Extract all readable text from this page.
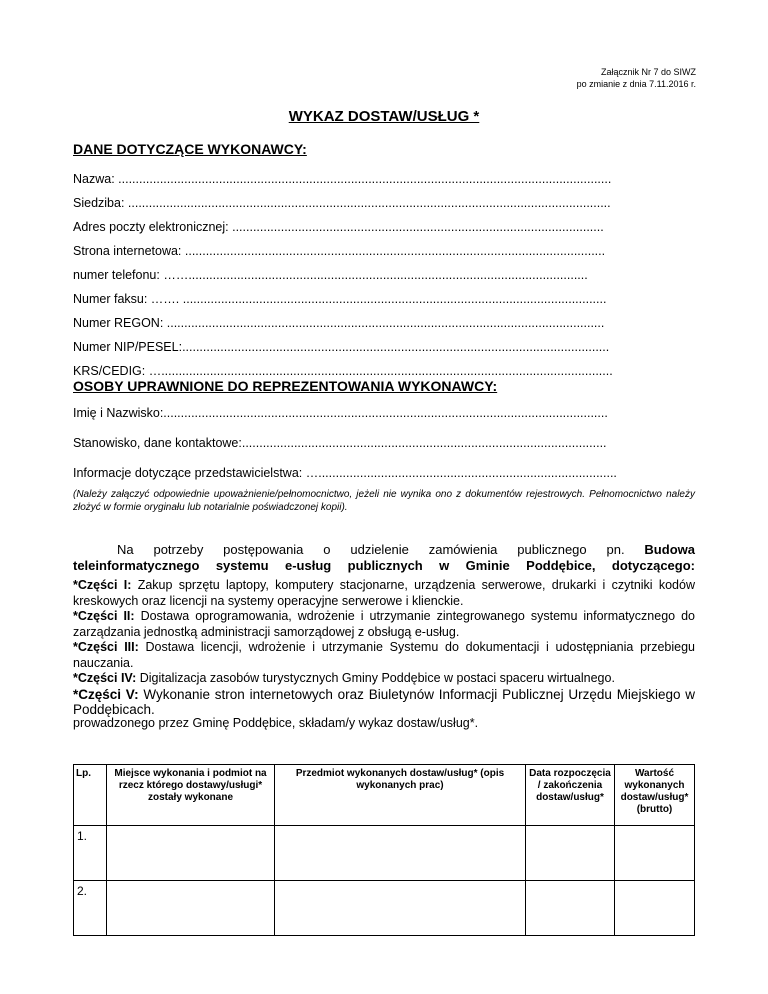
Załącznik Nr 7 do SIWZ
po zmianie z dnia 7.11.2016 r.
WYKAZ DOSTAW/USŁUG *
DANE DOTYCZĄCE WYKONAWCY:
Nazwa: ..............................................................................................................................................
Siedziba: ...........................................................................................................................................
Adres poczty elektronicznej: ...........................................................................................................
Strona internetowa: .........................................................................................................................
numer telefonu: ……...................................................................................................................
Numer faksu: ……. ..........................................................................................................................
Numer REGON: ..............................................................................................................................
Numer NIP/PESEL:...........................................................................................................................
KRS/CEDIG: …..................................................................................................................................
OSOBY UPRAWNIONE DO REPREZENTOWANIA WYKONAWCY:
Imię i Nazwisko:................................................................................................................................
Stanowisko, dane kontaktowe:.........................................................................................................
Informacje dotyczące przedstawicielstwa: …......................................................................................
(Należy załączyć odpowiednie upoważnienie/pełnomocnictwo, jeżeli nie wynika ono z dokumentów rejestrowych. Pełnomocnictwo należy złożyć w formie oryginału lub notarialnie poświadczonej kopii).
Na potrzeby postępowania o udzielenie zamówienia publicznego pn. Budowa teleinformatycznego systemu e-usług publicznych w Gminie Poddębice, dotyczącego:

*Części I: Zakup sprzętu laptopy, komputery stacjonarne, urządzenia serwerowe, drukarki i czytniki kodów kreskowych oraz licencji na systemy operacyjne serwerowe i klienckie.

*Części II: Dostawa oprogramowania, wdrożenie i utrzymanie zintegrowanego systemu informatycznego do zarządzania jednostką administracji samorządowej z obsługą e-usług.

*Części III: Dostawa licencji, wdrożenie i utrzymanie Systemu do dokumentacji i udostępniania przebiegu nauczania.

*Części IV: Digitalizacja zasobów turystycznych Gminy Poddębice w postaci spaceru wirtualnego.

*Części V: Wykonanie stron internetowych oraz Biuletynów Informacji Publicznej Urzędu Miejskiego w Poddębicach.

prowadzonego przez Gminę Poddębice, składam/y wykaz dostaw/usług*.
Lp.	Miejsce wykonania i podmiot na rzecz którego dostawy/usługi* zostały wykonane	Przedmiot wykonanych dostaw/usług* (opis wykonanych prac)	Data rozpoczęcia / zakończenia dostaw/usług*	Wartość wykonanych dostaw/usług* (brutto)
1.				
2.				
